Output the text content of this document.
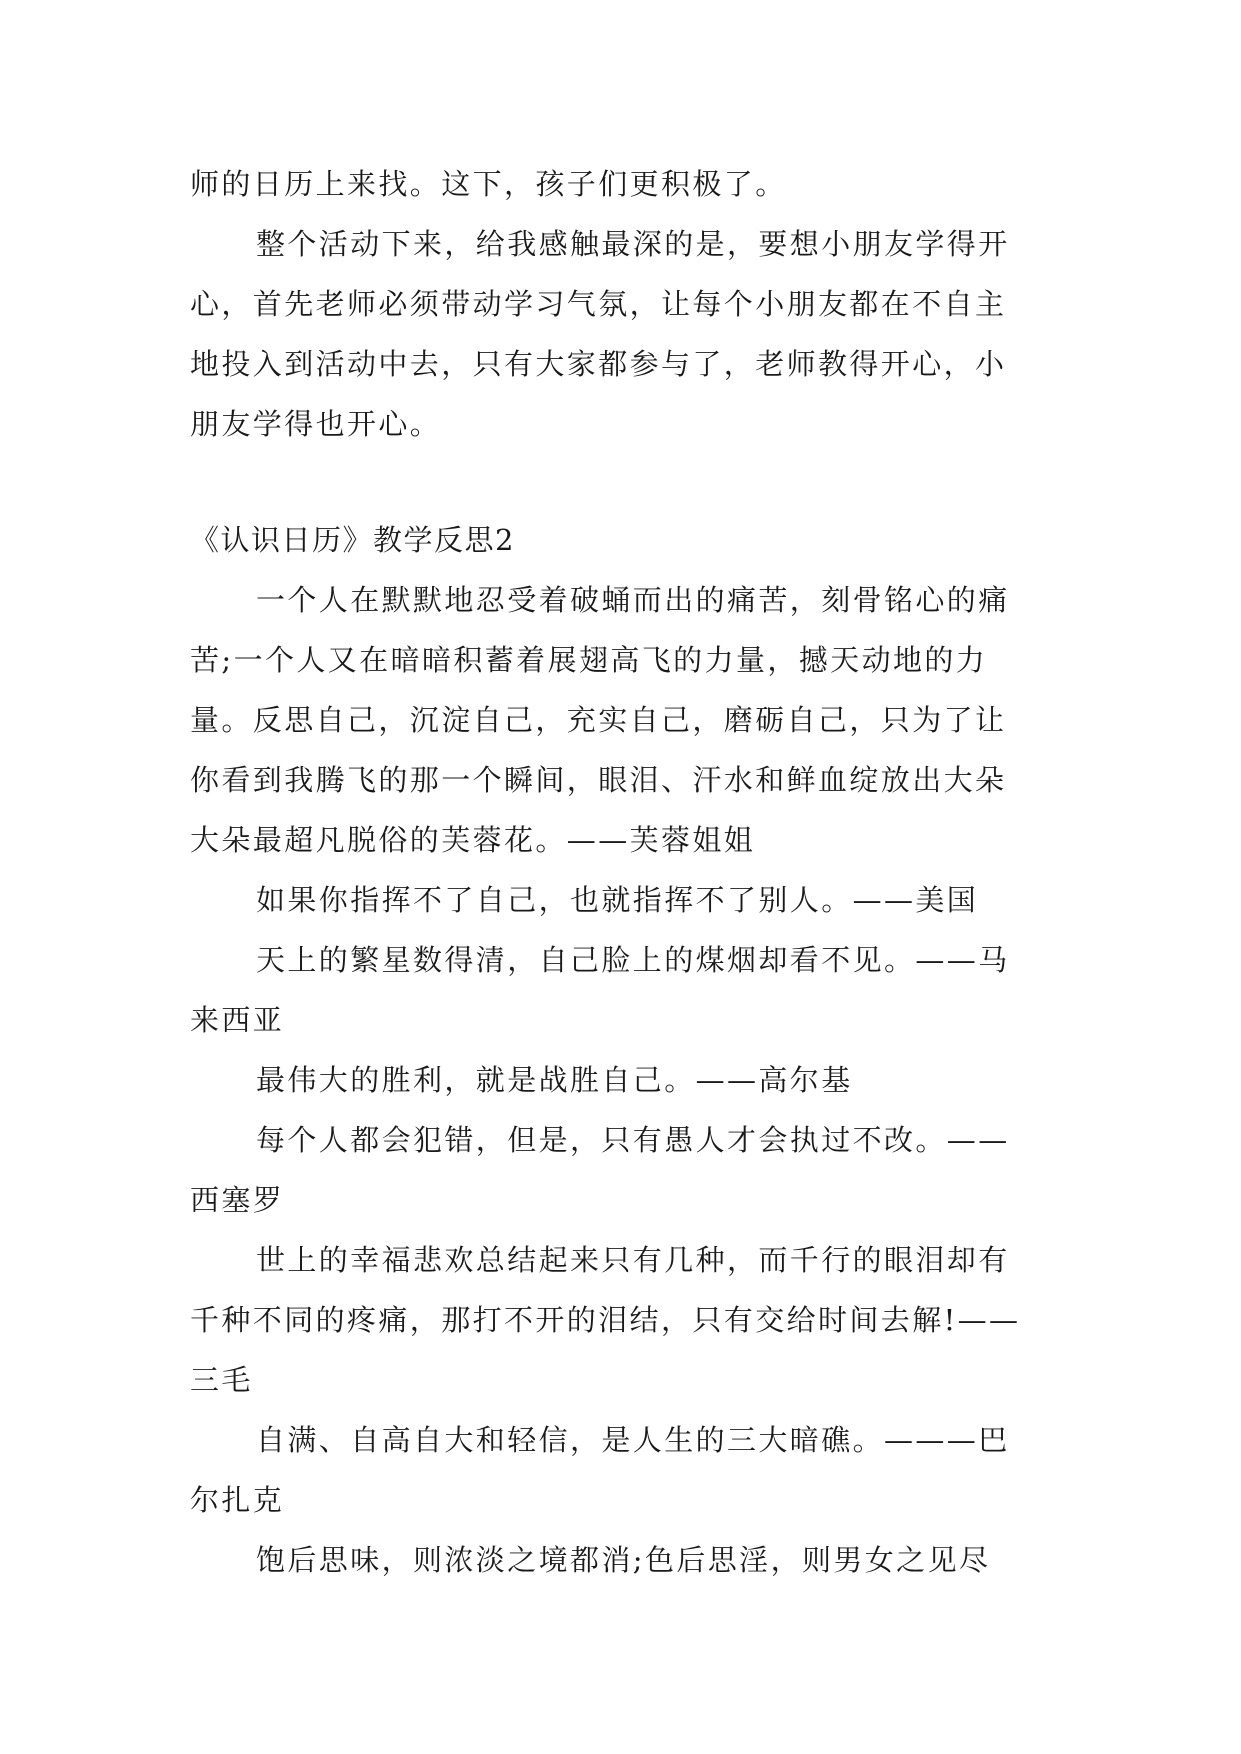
师的日历上来找。这下，孩子们更积极了。
整个活动下来，给我感触最深的是，要想小朋友学得开
心，首先老师必须带动学习气氛，让每个小朋友都在不自主
地投入到活动中去，只有大家都参与了，老师教得开心，小
朋友学得也开心。
《认识日历》教学反思2
一个人在默默地忍受着破蛹而出的痛苦，刻骨铭心的痛
苦;一个人又在暗暗积蓄着展翅高飞的力量，撼天动地的力
量。反思自己，沉淀自己，充实自己，磨砺自己，只为了让
你看到我腾飞的那一个瞬间，眼泪、汗水和鲜血绽放出大朵
大朵最超凡脱俗的芙蓉花。——芙蓉姐姐
如果你指挥不了自己，也就指挥不了别人。——美国
天上的繁星数得清，自己脸上的煤烟却看不见。——马
来西亚
最伟大的胜利，就是战胜自己。——高尔基
每个人都会犯错，但是，只有愚人才会执过不改。——
西塞罗
世上的幸福悲欢总结起来只有几种，而千行的眼泪却有
千种不同的疼痛，那打不开的泪结，只有交给时间去解!——
三毛
自满、自高自大和轻信，是人生的三大暗礁。———巴
尔扎克
饱后思味，则浓淡之境都消;色后思淫，则男女之见尽
